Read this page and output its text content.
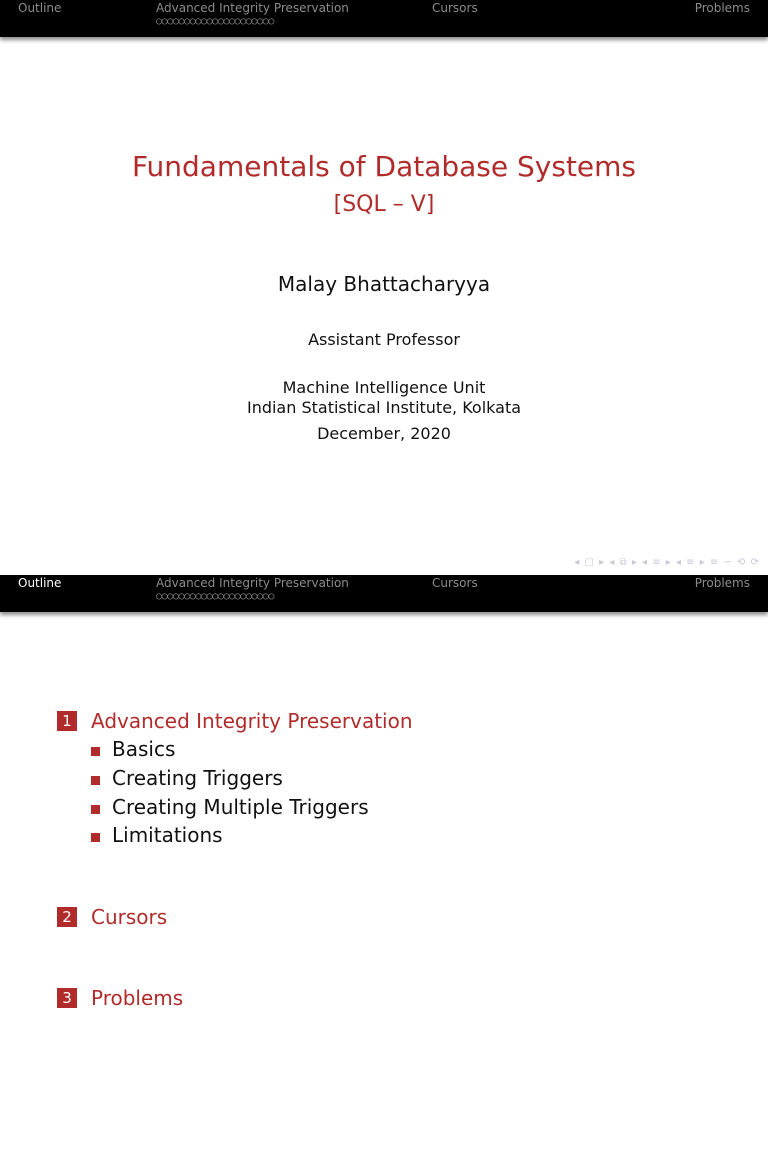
Outline	Advanced Integrity Preservation
○○○○○○○○○○○○○○○○○○○○○
Cursors	Problems
Fundamentals of Database Systems
[SQL – V]
Malay Bhattacharyya
Assistant Professor
Machine Intelligence Unit
Indian Statistical Institute, Kolkata
December, 2020
◂ ▢ ▸ ◂ ⧉ ▸ ◂ ≡ ▸ ◂ ≡ ▸ ≡ ∽ ⟲ ⟳
Outline	Advanced Integrity Preservation
○○○○○○○○○○○○○○○○○○○○○
Cursors	Problems
1 Advanced Integrity Preservation
Basics
Creating Triggers
Creating Multiple Triggers
Limitations
2 Cursors
3 Problems
